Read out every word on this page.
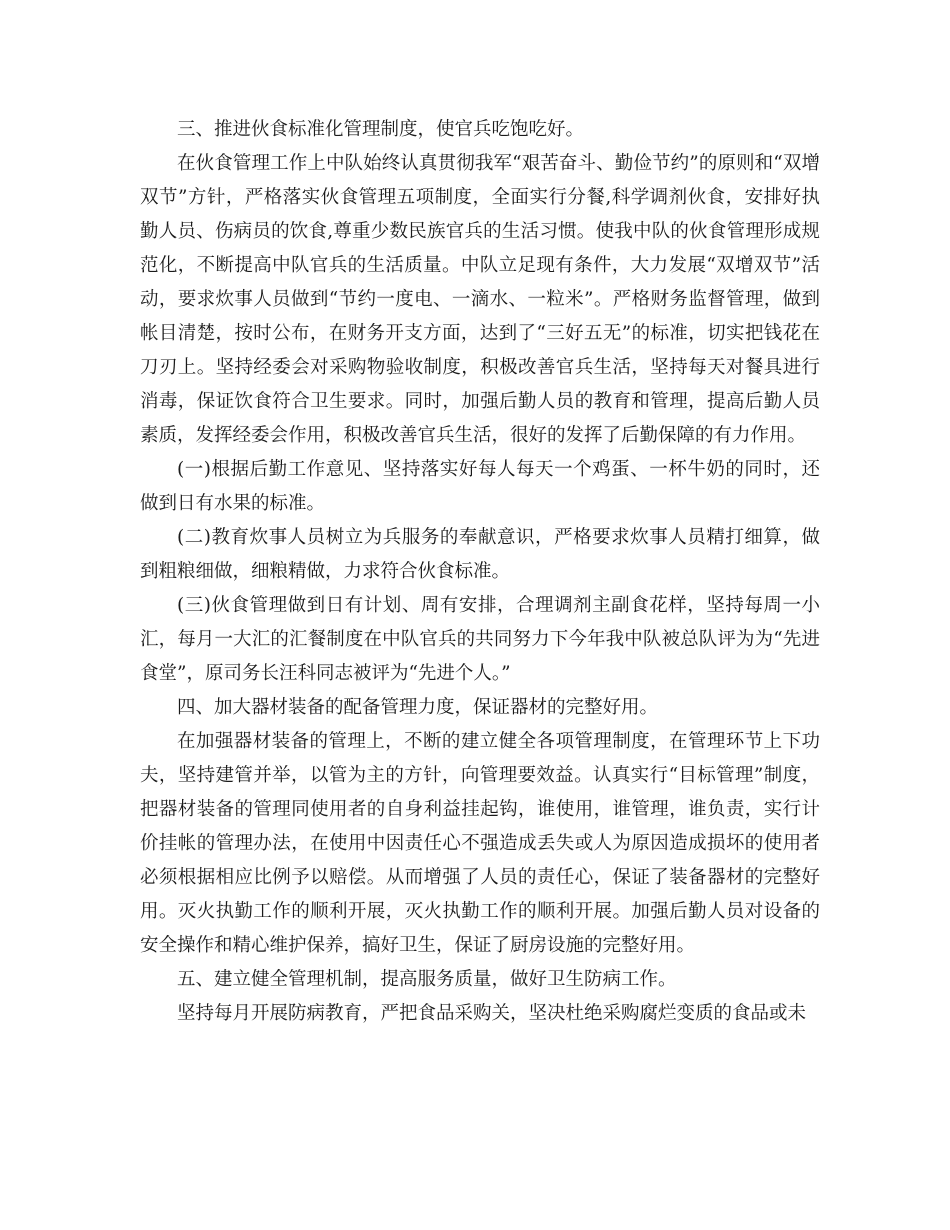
三、推进伙食标准化管理制度，使官兵吃饱吃好。

在伙食管理工作上中队始终认真贯彻我军“艰苦奋斗、勤俭节约”的原则和“双增双节”方针，严格落实伙食管理五项制度，全面实行分餐,科学调剂伙食，安排好执勤人员、伤病员的饮食,尊重少数民族官兵的生活习惯。使我中队的伙食管理形成规范化，不断提高中队官兵的生活质量。中队立足现有条件，大力发展“双增双节”活动，要求炊事人员做到“节约一度电、一滴水、一粒米”。严格财务监督管理，做到帐目清楚，按时公布，在财务开支方面，达到了“三好五无”的标准，切实把钱花在刀刃上。坚持经委会对采购物验收制度，积极改善官兵生活，坚持每天对餐具进行消毒，保证饮食符合卫生要求。同时，加强后勤人员的教育和管理，提高后勤人员素质，发挥经委会作用，积极改善官兵生活，很好的发挥了后勤保障的有力作用。

(一)根据后勤工作意见、坚持落实好每人每天一个鸡蛋、一杯牛奶的同时，还做到日有水果的标准。

(二)教育炊事人员树立为兵服务的奉献意识，严格要求炊事人员精打细算，做到粗粮细做，细粮精做，力求符合伙食标准。

(三)伙食管理做到日有计划、周有安排，合理调剂主副食花样，坚持每周一小汇，每月一大汇的汇餐制度在中队官兵的共同努力下今年我中队被总队评为为“先进食堂”，原司务长汪科同志被评为“先进个人。”

四、加大器材装备的配备管理力度，保证器材的完整好用。

在加强器材装备的管理上，不断的建立健全各项管理制度，在管理环节上下功夫，坚持建管并举，以管为主的方针，向管理要效益。认真实行“目标管理”制度，把器材装备的管理同使用者的自身利益挂起钩，谁使用，谁管理，谁负责，实行计价挂帐的管理办法，在使用中因责任心不强造成丢失或人为原因造成损坏的使用者必须根据相应比例予以赔偿。从而增强了人员的责任心，保证了装备器材的完整好用。灭火执勤工作的顺利开展，灭火执勤工作的顺利开展。加强后勤人员对设备的安全操作和精心维护保养，搞好卫生，保证了厨房设施的完整好用。

五、建立健全管理机制，提高服务质量，做好卫生防病工作。

坚持每月开展防病教育，严把食品采购关，坚决杜绝采购腐烂变质的食品或未
